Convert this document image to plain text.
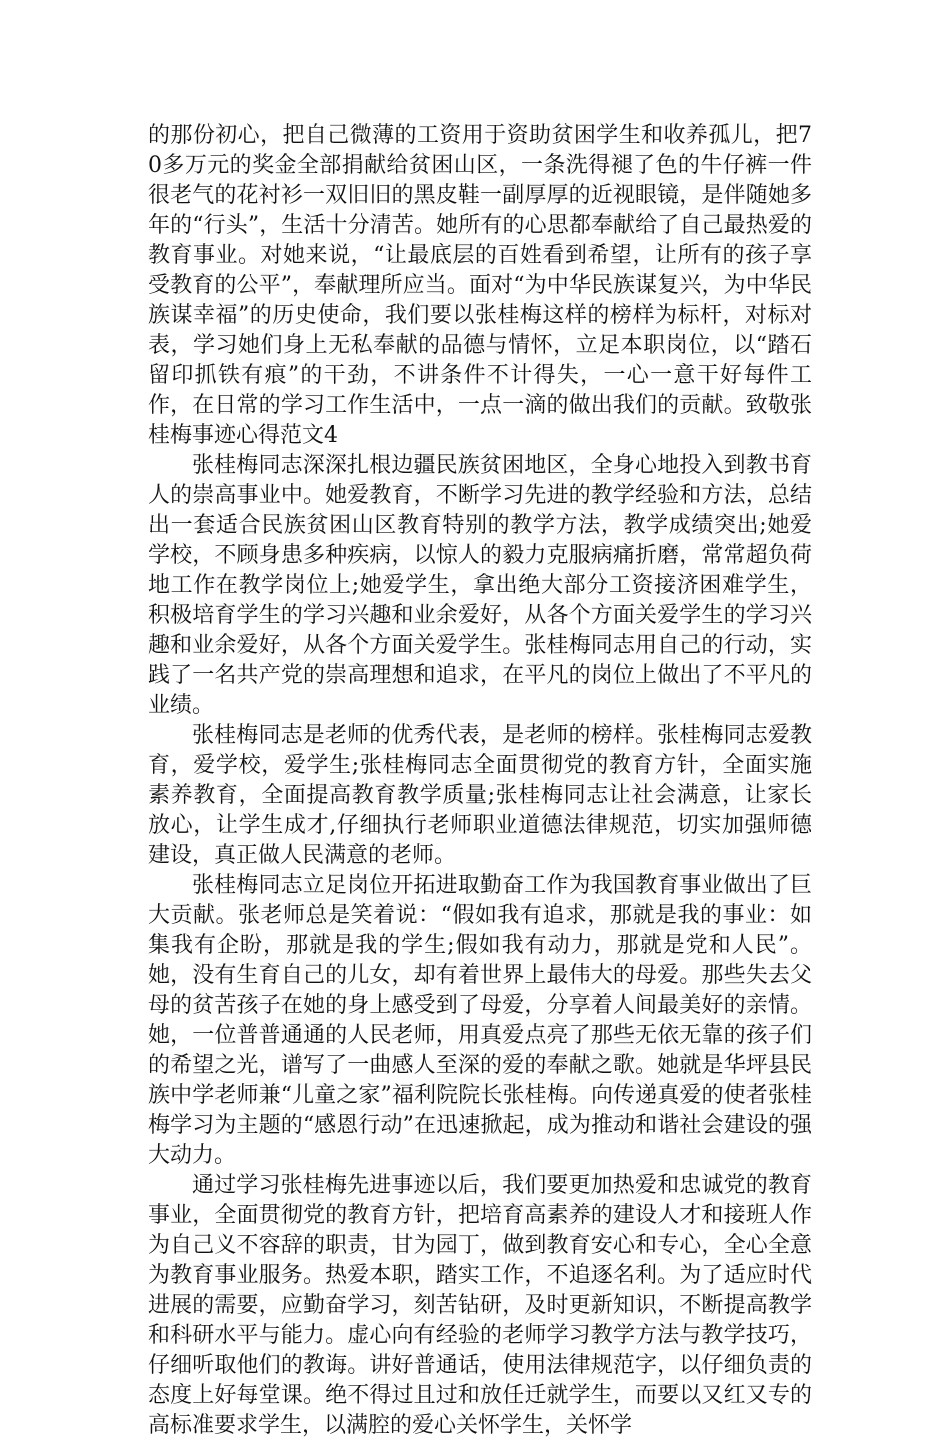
的那份初心，把自己微薄的工资用于资助贫困学生和收养孤儿，把70多万元的奖金全部捐献给贫困山区，一条洗得褪了色的牛仔裤一件很老气的花衬衫一双旧旧的黑皮鞋一副厚厚的近视眼镜，是伴随她多年的“行头”，生活十分清苦。她所有的心思都奉献给了自己最热爱的教育事业。对她来说，“让最底层的百姓看到希望，让所有的孩子享受教育的公平”，奉献理所应当。面对“为中华民族谋复兴，为中华民族谋幸福”的历史使命，我们要以张桂梅这样的榜样为标杆，对标对表，学习她们身上无私奉献的品德与情怀，立足本职岗位，以“踏石留印抓铁有痕”的干劲，不讲条件不计得失，一心一意干好每件工作，在日常的学习工作生活中，一点一滴的做出我们的贡献。致敬张桂梅事迹心得范文4

张桂梅同志深深扎根边疆民族贫困地区，全身心地投入到教书育人的崇高事业中。她爱教育，不断学习先进的教学经验和方法，总结出一套适合民族贫困山区教育特别的教学方法，教学成绩突出;她爱学校，不顾身患多种疾病，以惊人的毅力克服病痛折磨，常常超负荷地工作在教学岗位上;她爱学生，拿出绝大部分工资接济困难学生，积极培育学生的学习兴趣和业余爱好，从各个方面关爱学生的学习兴趣和业余爱好，从各个方面关爱学生。张桂梅同志用自己的行动，实践了一名共产党的崇高理想和追求，在平凡的岗位上做出了不平凡的业绩。

张桂梅同志是老师的优秀代表，是老师的榜样。张桂梅同志爱教育，爱学校，爱学生;张桂梅同志全面贯彻党的教育方针，全面实施素养教育，全面提高教育教学质量;张桂梅同志让社会满意，让家长放心，让学生成才,仔细执行老师职业道德法律规范，切实加强师德建设，真正做人民满意的老师。

张桂梅同志立足岗位开拓进取勤奋工作为我国教育事业做出了巨大贡献。张老师总是笑着说：“假如我有追求，那就是我的事业：如集我有企盼，那就是我的学生;假如我有动力，那就是党和人民”。她，没有生育自己的儿女，却有着世界上最伟大的母爱。那些失去父母的贫苦孩子在她的身上感受到了母爱，分享着人间最美好的亲情。她，一位普普通通的人民老师，用真爱点亮了那些无依无靠的孩子们的希望之光，谱写了一曲感人至深的爱的奉献之歌。她就是华坪县民族中学老师兼“儿童之家”福利院院长张桂梅。向传递真爱的使者张桂梅学习为主题的“感恩行动”在迅速掀起，成为推动和谐社会建设的强大动力。

通过学习张桂梅先进事迹以后，我们要更加热爱和忠诚党的教育事业，全面贯彻党的教育方针，把培育高素养的建设人才和接班人作为自己义不容辞的职责，甘为园丁，做到教育安心和专心，全心全意为教育事业服务。热爱本职，踏实工作，不追逐名利。为了适应时代进展的需要，应勤奋学习，刻苦钻研，及时更新知识，不断提高教学和科研水平与能力。虚心向有经验的老师学习教学方法与教学技巧，仔细听取他们的教诲。讲好普通话，使用法律规范字，以仔细负责的态度上好每堂课。绝不得过且过和放任迁就学生，而要以又红又专的高标准要求学生，以满腔的爱心关怀学生，关怀学
